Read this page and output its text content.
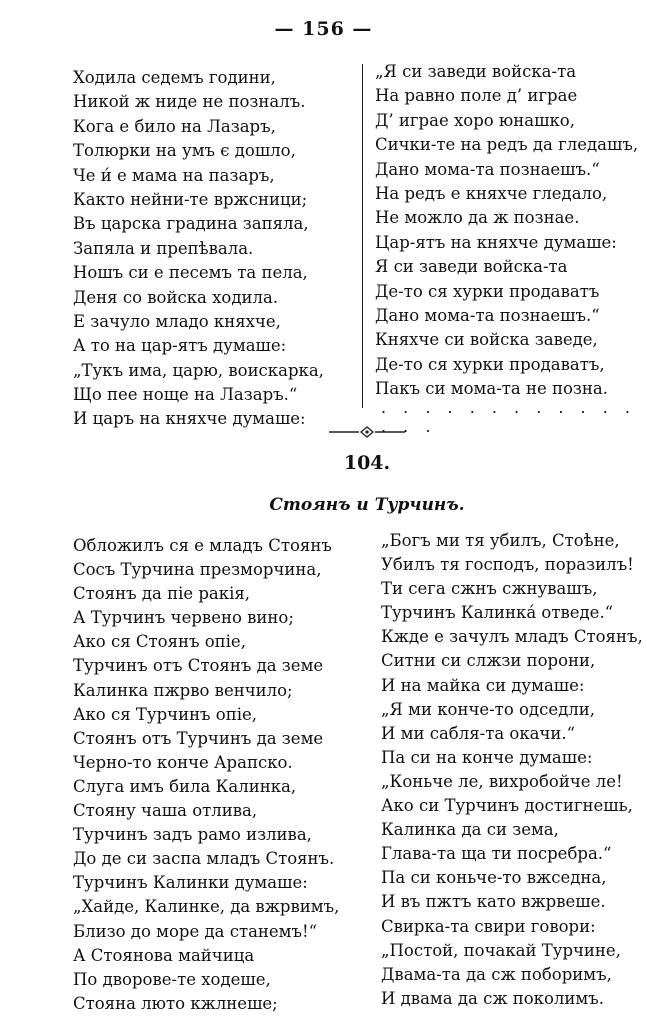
— 156 —
Ходила седемъ години,
Никой ж ниде не позналъ.
Кога е било на Лазаръ,
Толюрки на умъ є дошло,
Че и́ е мама на пазаръ,
Както нейни-те вржсници;
Въ царска градина запяла,
Запяла и препѣвала.
Ношъ си е песемъ та пела,
Деня со войска ходила.
Е зачуло младо княхче,
А то на цар-ятъ думаше:
„Тукъ има, царю, воискарка,
Що пее ноще на Лазаръ.“
И царъ на княхче думаше:
„Я си заведи войска-та
На равно поле д’ играе
Д’ играе хоро юнашко,
Сички-те на редъ да гледашъ,
Дано мома-та познаешъ.“
На редъ е княхче гледало,
Не можло да ж познае.
Цар-ятъ на княхче думаше:
Я си заведи войска-та
Де-то ся хурки продаватъ
Дано мома-та познаешъ.“
Княхче си войска заведе,
Де-то ся хурки продаватъ,
Пакъ си мома-та не позна.
. . . . . . . . . . . . . . .
104.
Стоянъ и Турчинъ.
Обложилъ ся е младъ Стоянъ
Сосъ Турчина презморчина,
Стоянъ да піе ракія,
А Турчинъ червено вино;
Ако ся Стоянъ опіе,
Турчинъ отъ Стоянъ да земе
Калинка пжрво венчило;
Ако ся Турчинъ опіе,
Стоянъ отъ Турчинъ да земе
Черно-то конче Арапско.
Слуга имъ била Калинка,
Стояну чаша отлива,
Турчинъ задъ рамо излива,
До де си заспа младъ Стоянъ.
Турчинъ Калинки думаше:
„Хайде, Калинке, да вжрвимъ,
Близо до море да станемъ!“
А Стоянова майчица
По дворове-те ходеше,
Стояна люто кжлнеше;
„Богъ ми тя убилъ, Стоѣне,
Убилъ тя господъ, поразилъ!
Ти сега сжнъ сжнувашъ,
Турчинъ Калинка́ отведе.“
Кжде е зачулъ младъ Стоянъ,
Ситни си слжзи порони,
И на майка си думаше:
„Я ми конче-то одседли,
И ми сабля-та окачи.“
Па си на конче думаше:
„Коньче ле, вихробойче ле!
Ако си Турчинъ достигнешь,
Калинка да си зема,
Глава-та ща ти посребра.“
Па си коньче-то вжседна,
И въ пжтъ като вжрвеше.
Свирка-та свири говори:
„Постой, почакай Турчине,
Двама-та да сж поборимъ,
И двама да сж поколимъ.
